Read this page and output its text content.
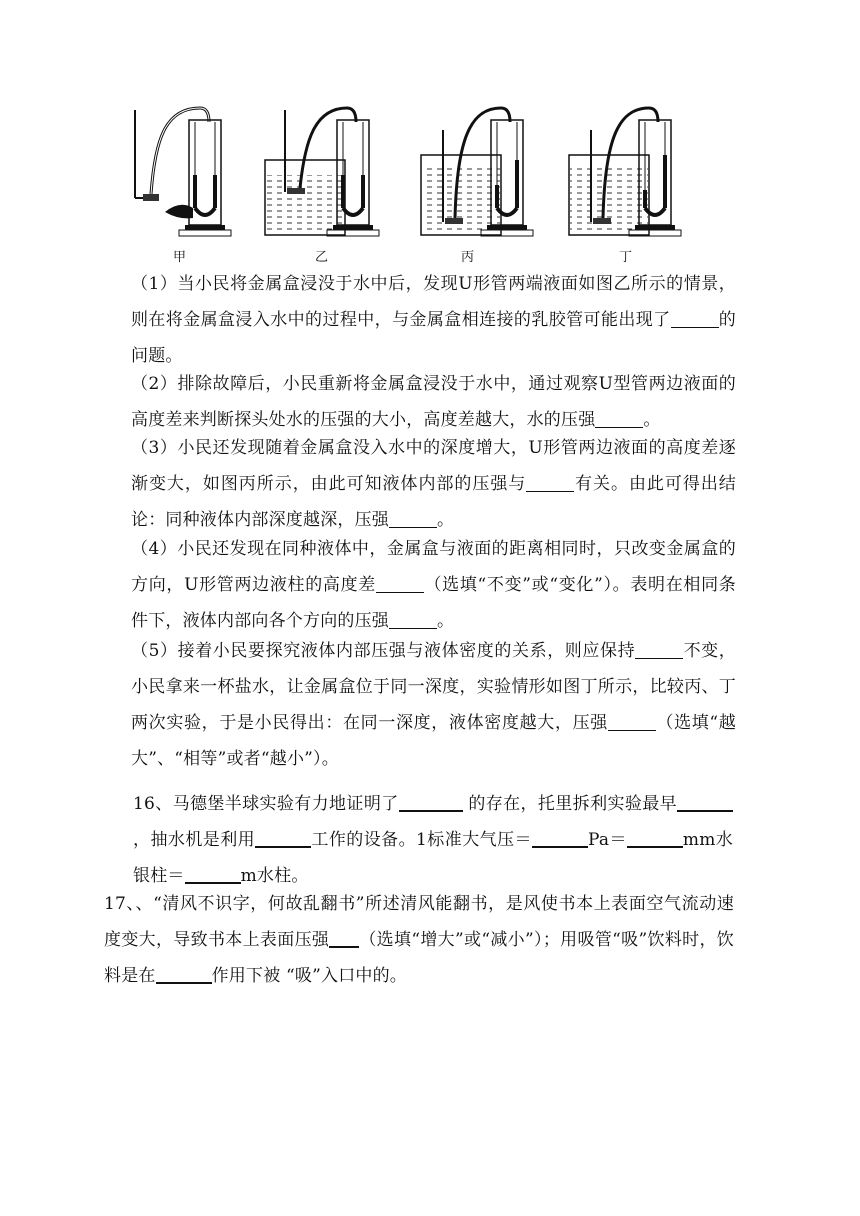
甲	乙	丙	丁
（1）当小民将金属盒浸没于水中后，发现U形管两端液面如图乙所示的情景，则在将金属盒浸入水中的过程中，与金属盒相连接的乳胶管可能出现了	的问题。
（2）排除故障后，小民重新将金属盒浸没于水中，通过观察U型管两边液面的高度差来判断探头处水的压强的大小，高度差越大，水的压强	。
（3）小民还发现随着金属盒没入水中的深度增大，U形管两边液面的高度差逐渐变大，如图丙所示，由此可知液体内部的压强与	有关。由此可得出结论：同种液体内部深度越深，压强	。
（4）小民还发现在同种液体中，金属盒与液面的距离相同时，只改变金属盒的方向，U形管两边液柱的高度差	（选填“不变”或“变化”）。表明在相同条件下，液体内部向各个方向的压强	。
（5）接着小民要探究液体内部压强与液体密度的关系，则应保持	不变，小民拿来一杯盐水，让金属盒位于同一深度，实验情形如图丁所示，比较丙、丁两次实验，于是小民得出：在同一深度，液体密度越大，压强	（选填“越大”、“相等”或者“越小”）。
16、马德堡半球实验有力地证明了	的存在，托里拆利实验最早，抽水机是利用	工作的设备。1标准大气压＝	Pa＝	mm水银柱＝	m水柱。
17、、“清风不识字，何故乱翻书”所述清风能翻书，是风使书本上表面空气流动速度变大，导致书本上表面压强 （选填“增大”或“减小”）；用吸管“吸”饮料时，饮料是在	作用下被 “吸”入口中的。
